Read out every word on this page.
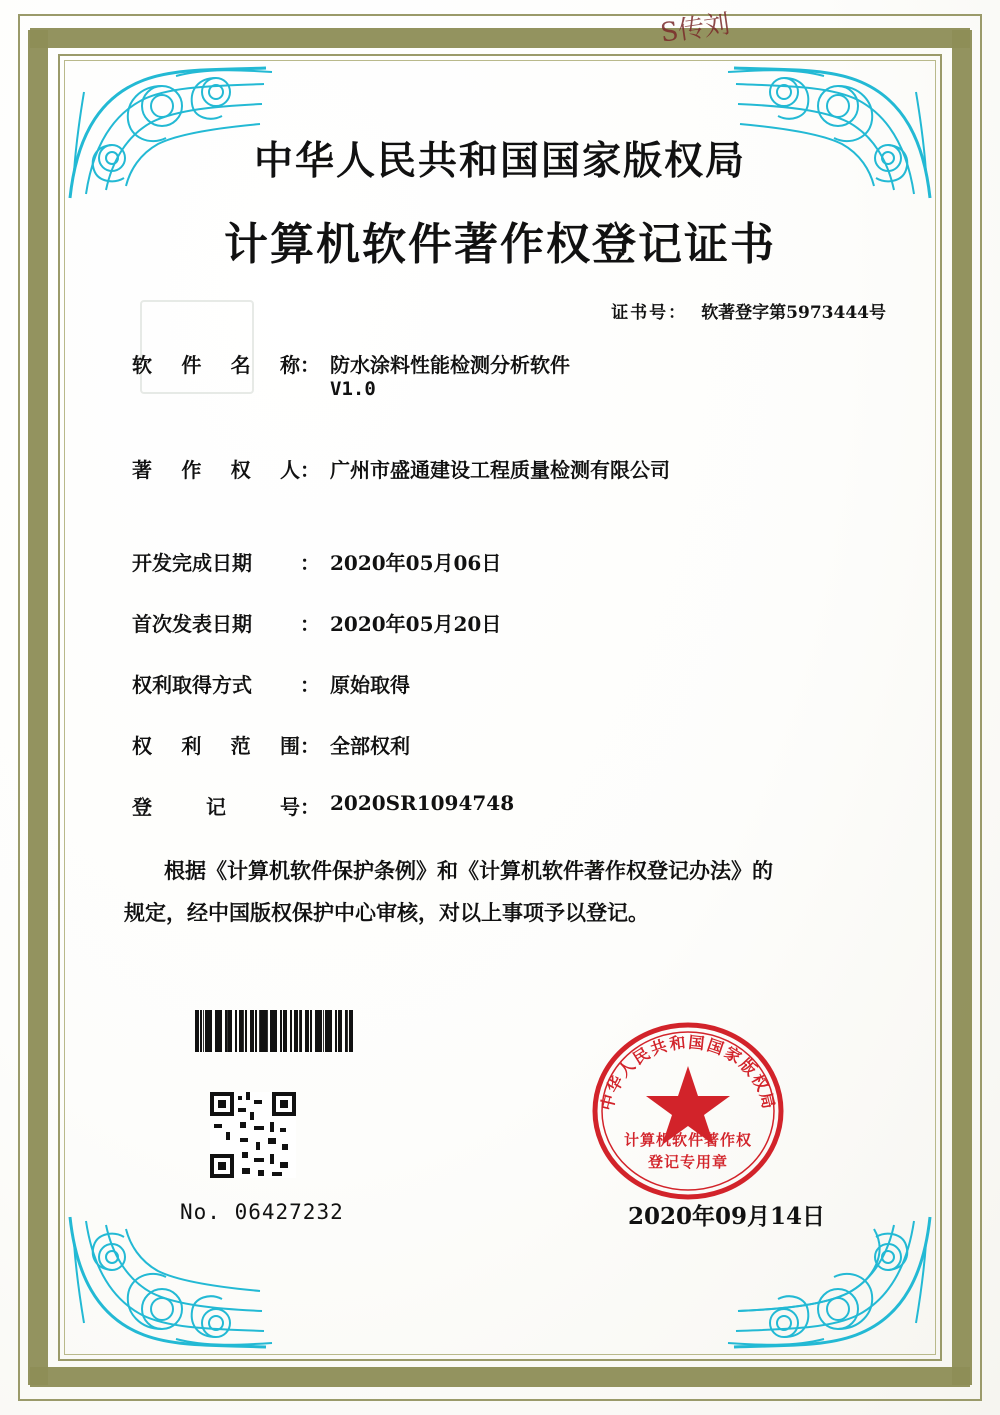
S传刘
中华人民共和国国家版权局
计算机软件著作权登记证书
证书号： 软著登字第5973444号
软 件 名 称 ： 防水涂料性能检测分析软件
V1.0
著 作 权 人 ： 广州市盛通建设工程质量检测有限公司
开发完成日期 ： 2020年05月06日
首次发表日期 ： 2020年05月20日
权利取得方式 ： 原始取得
权 利 范 围 ： 全部权利
登	记	号 ： 2020SR1094748
根据《计算机软件保护条例》和《计算机软件著作权登记办法》的
规定，经中国版权保护中心审核，对以上事项予以登记。
中华人民共和国国家版权局
计算机软件著作权
登记专用章
No. 06427232	2020年09月14日
